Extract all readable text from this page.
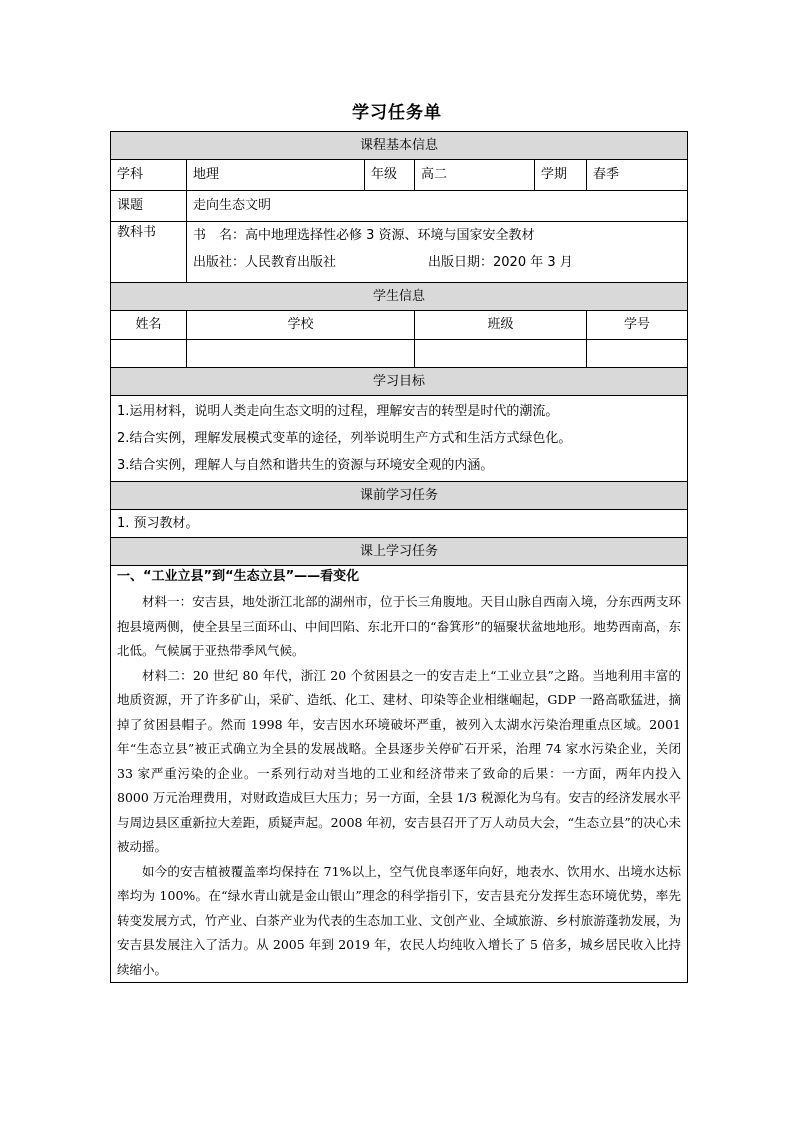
学习任务单
课程基本信息					
学科	地理	年级	高二	学期	春季
课题	走向生态文明				
教科书	书　名：高中地理选择性必修 3 资源、环境与国家安全教材
出版社：人民教育出版社 出版日期：2020 年 3 月				

学生信息					
姓名	学校		班级		学号

学习目标					

1.运用材料，说明人类走向生态文明的过程，理解安吉的转型是时代的潮流。
2.结合实例，理解发展模式变革的途径，列举说明生产方式和生活方式绿色化。
3.结合实例，理解人与自然和谐共生的资源与环境安全观的内涵。					

课前学习任务					
1. 预习教材。					
课上学习任务					

一、“工业立县”到“生态立县”——看变化

材料一：安吉县，地处浙江北部的湖州市，位于长三角腹地。天目山脉自西南入境，分东西两支环抱县境两侧，使全县呈三面环山、中间凹陷、东北开口的“畚箕形”的辐聚状盆地地形。地势西南高，东北低。气候属于亚热带季风气候。

材料二：20 世纪 80 年代，浙江 20 个贫困县之一的安吉走上“工业立县”之路。当地利用丰富的地质资源，开了许多矿山，采矿、造纸、化工、建材、印染等企业相继崛起，GDP 一路高歌猛进，摘掉了贫困县帽子。然而 1998 年，安吉因水环境破坏严重，被列入太湖水污染治理重点区域。2001 年“生态立县”被正式确立为全县的发展战略。全县逐步关停矿石开采，治理 74 家水污染企业，关闭 33 家严重污染的企业。一系列行动对当地的工业和经济带来了致命的后果：一方面，两年内投入 8000 万元治理费用，对财政造成巨大压力；另一方面，全县 1/3 税源化为乌有。安吉的经济发展水平与周边县区重新拉大差距，质疑声起。2008 年初，安吉县召开了万人动员大会，“生态立县”的决心未被动摇。

如今的安吉植被覆盖率均保持在 71%以上，空气优良率逐年向好，地表水、饮用水、出境水达标率均为 100%。在“绿水青山就是金山银山”理念的科学指引下，安吉县充分发挥生态环境优势，率先转变发展方式，竹产业、白茶产业为代表的生态加工业、文创产业、全域旅游、乡村旅游蓬勃发展，为安吉县发展注入了活力。从 2005 年到 2019 年，农民人均纯收入增长了 5 倍多，城乡居民收入比持续缩小。					
